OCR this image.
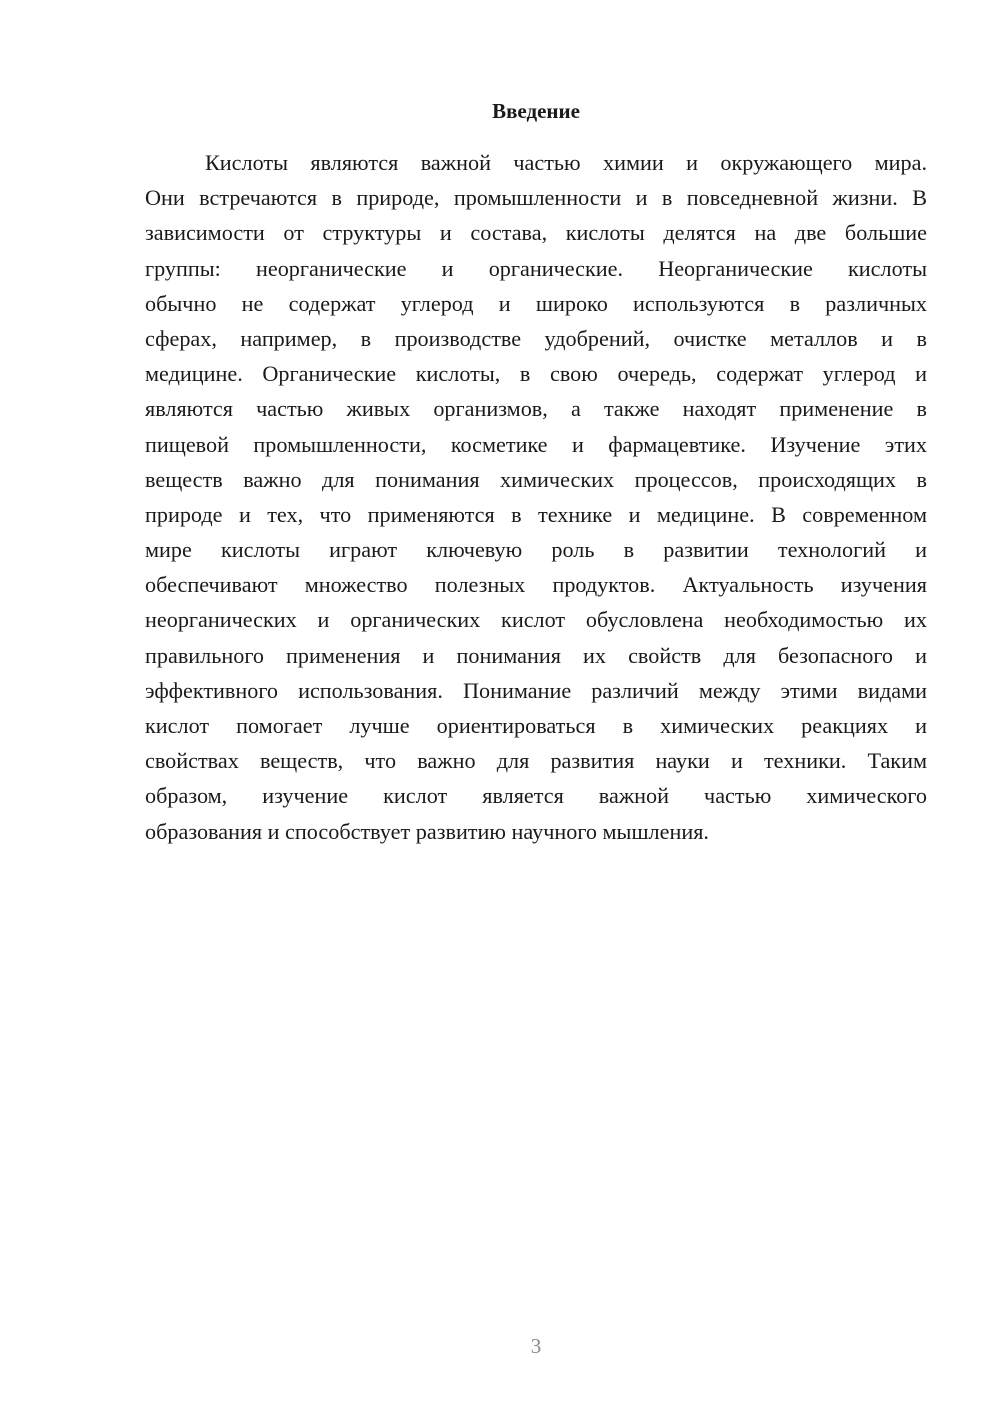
Введение
Кислоты являются важной частью химии и окружающего мира.
Они встречаются в природе, промышленности и в повседневной жизни. В
зависимости от структуры и состава, кислоты делятся на две большие
группы: неорганические и органические. Неорганические кислоты
обычно не содержат углерод и широко используются в различных
сферах, например, в производстве удобрений, очистке металлов и в
медицине. Органические кислоты, в свою очередь, содержат углерод и
являются частью живых организмов, а также находят применение в
пищевой промышленности, косметике и фармацевтике. Изучение этих
веществ важно для понимания химических процессов, происходящих в
природе и тех, что применяются в технике и медицине. В современном
мире кислоты играют ключевую роль в развитии технологий и
обеспечивают множество полезных продуктов. Актуальность изучения
неорганических и органических кислот обусловлена необходимостью их
правильного применения и понимания их свойств для безопасного и
эффективного использования. Понимание различий между этими видами
кислот помогает лучше ориентироваться в химических реакциях и
свойствах веществ, что важно для развития науки и техники. Таким
образом, изучение кислот является важной частью химического
образования и способствует развитию научного мышления.
3
